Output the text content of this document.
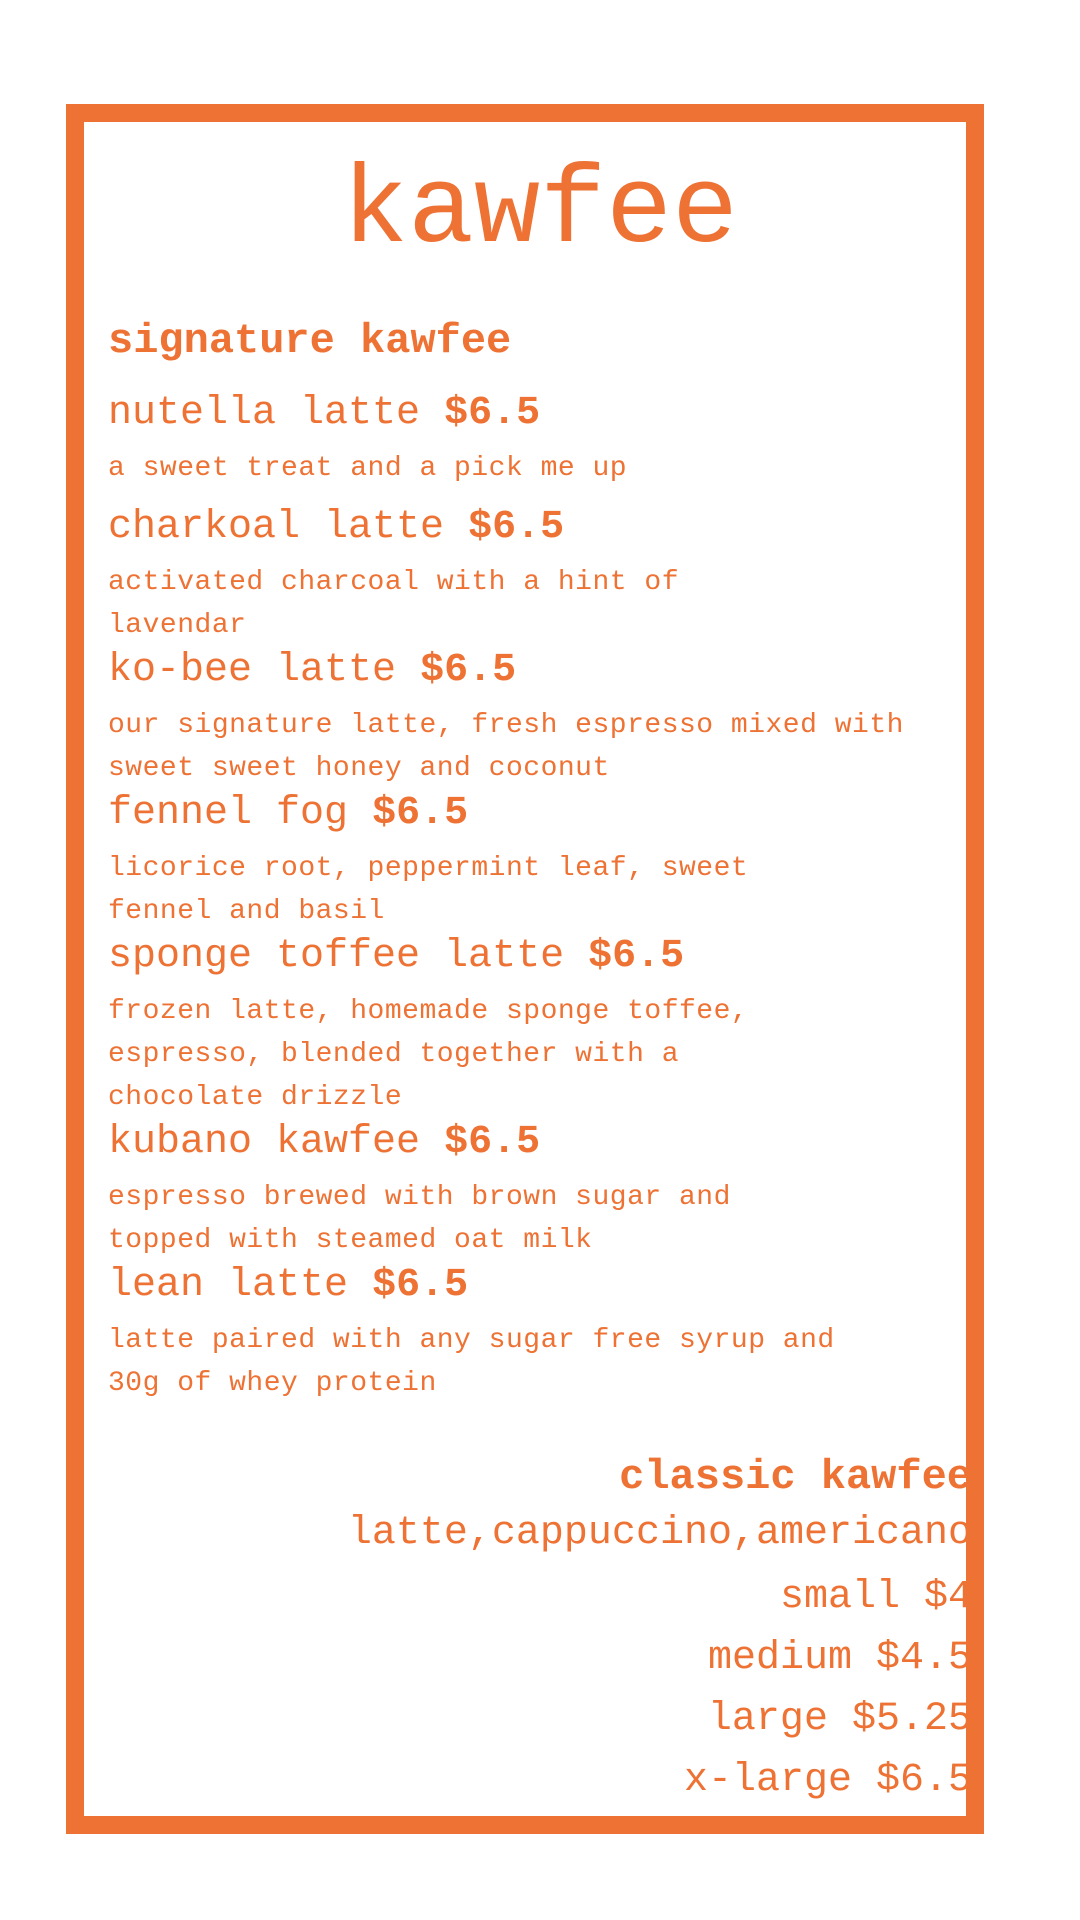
kawfee
signature kawfee

nutella latte $6.5

a sweet treat and a pick me up

charkoal latte $6.5

activated charcoal with a hint of lavendar

ko-bee latte $6.5

our signature latte, fresh espresso mixed with sweet sweet honey and coconut

fennel fog $6.5

licorice root, peppermint leaf, sweet fennel and basil

sponge toffee latte $6.5

frozen latte, homemade sponge toffee, espresso, blended together with a chocolate drizzle

kubano kawfee $6.5

espresso brewed with brown sugar and topped with steamed oat milk

lean latte $6.5

latte paired with any sugar free syrup and 30g of whey protein

classic kawfee

latte,cappuccino,americano

small $4

medium $4.5

large $5.25

x-large $6.5
